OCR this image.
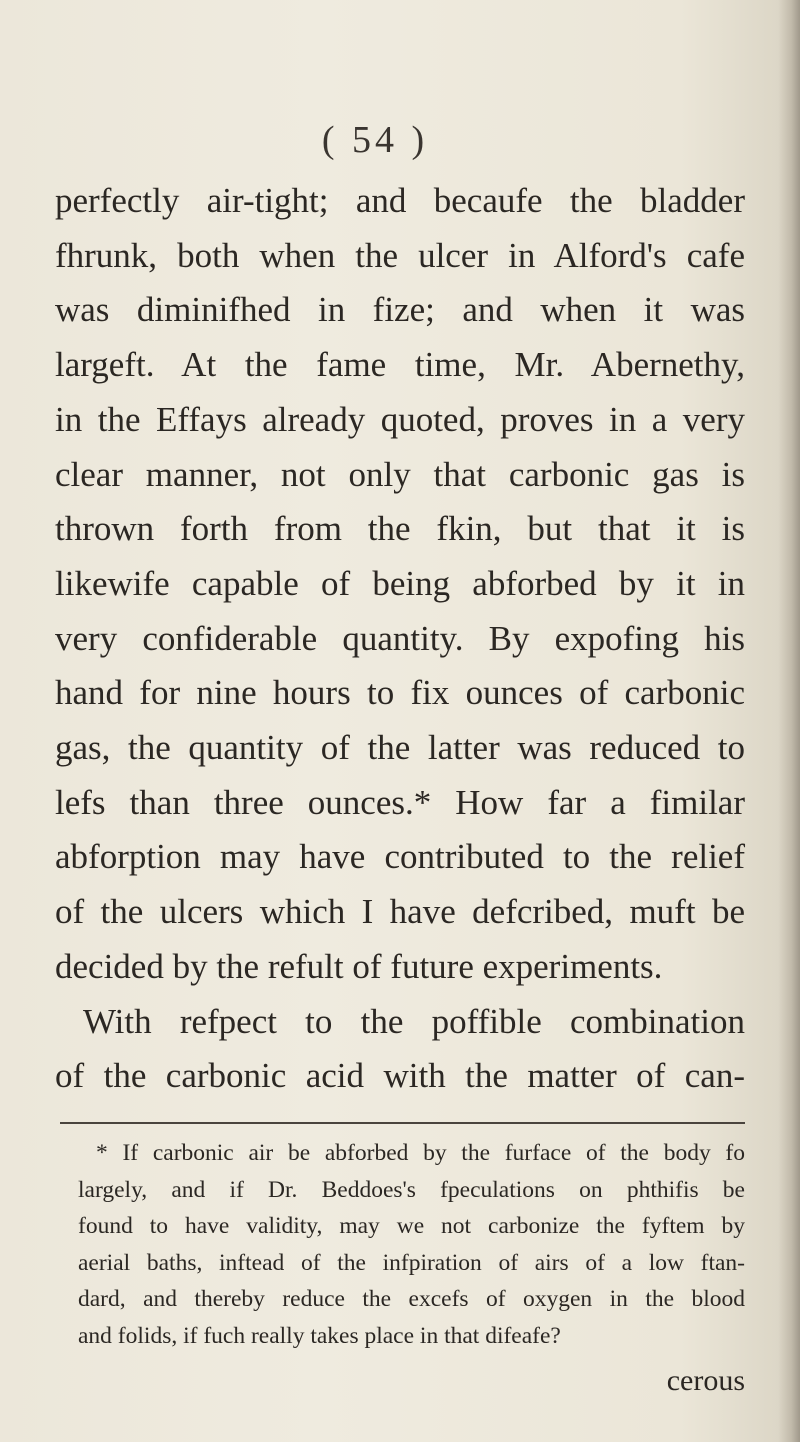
( 54 )
perfectly air-tight; and becaufe the bladder
fhrunk, both when the ulcer in Alford's cafe
was diminifhed in fize; and when it was
largeft. At the fame time, Mr. Abernethy,
in the Effays already quoted, proves in a very
clear manner, not only that carbonic gas is
thrown forth from the fkin, but that it is
likewife capable of being abforbed by it in
very confiderable quantity. By expofing his
hand for nine hours to fix ounces of carbonic
gas, the quantity of the latter was reduced to
lefs than three ounces.* How far a fimilar
abforption may have contributed to the relief
of the ulcers which I have defcribed, muft be
decided by the refult of future experiments.
With refpect to the poffible combination
of the carbonic acid with the matter of can-
* If carbonic air be abforbed by the furface of the body fo
largely, and if Dr. Beddoes's fpeculations on phthifis be
found to have validity, may we not carbonize the fyftem by
aerial baths, inftead of the infpiration of airs of a low ftan-
dard, and thereby reduce the excefs of oxygen in the blood
and folids, if fuch really takes place in that difeafe?
cerous
